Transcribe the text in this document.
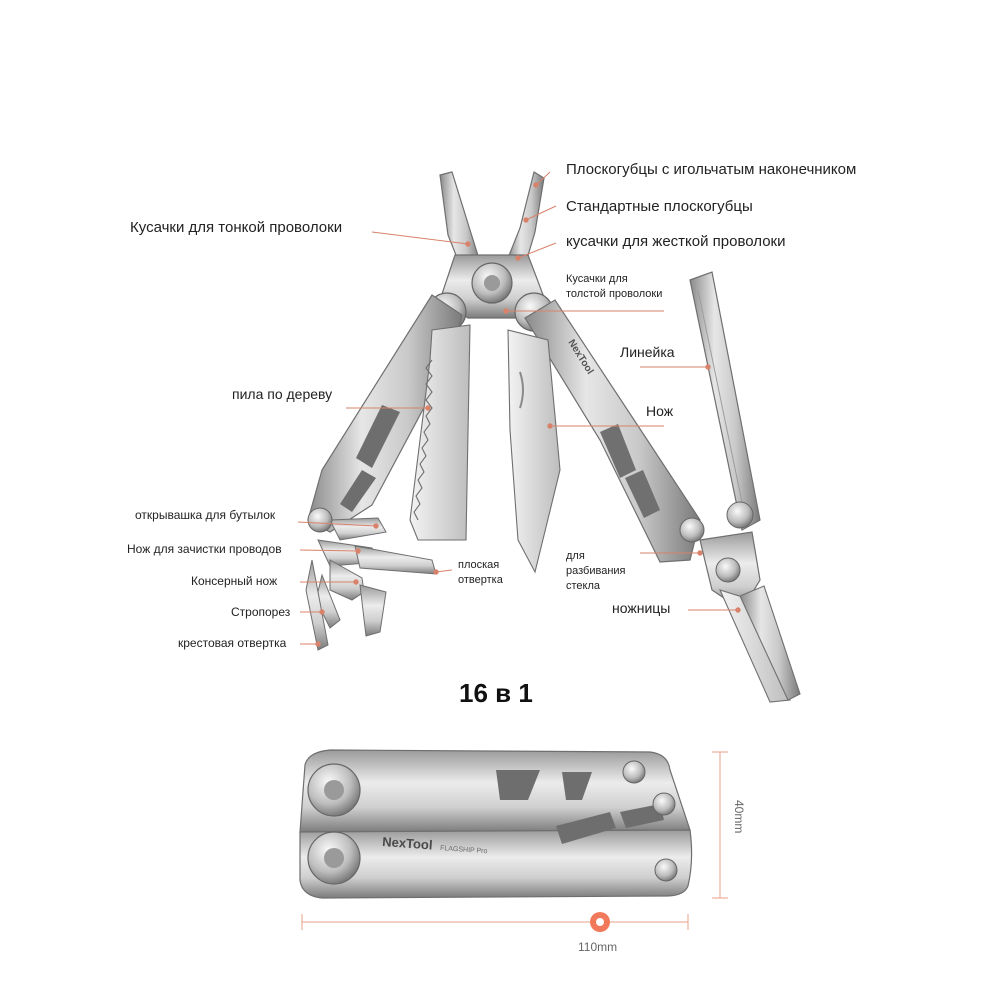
NexTool
NexTool FLAGSHIP Pro
Плоскогубцы с игольчатым наконечником
Стандартные плоскогубцы
кусачки для жесткой проволоки
Кусачки для тонкой проволоки
Кусачки для
толстой проволоки
Линейка
Нож
пила по дереву
открывашка для бутылок
Нож для зачистки проводов
Консерный нож
Стропорез
крестовая отвертка
плоская
отвертка
для
разбивания
стекла
ножницы
16 в 1
40mm
110mm
